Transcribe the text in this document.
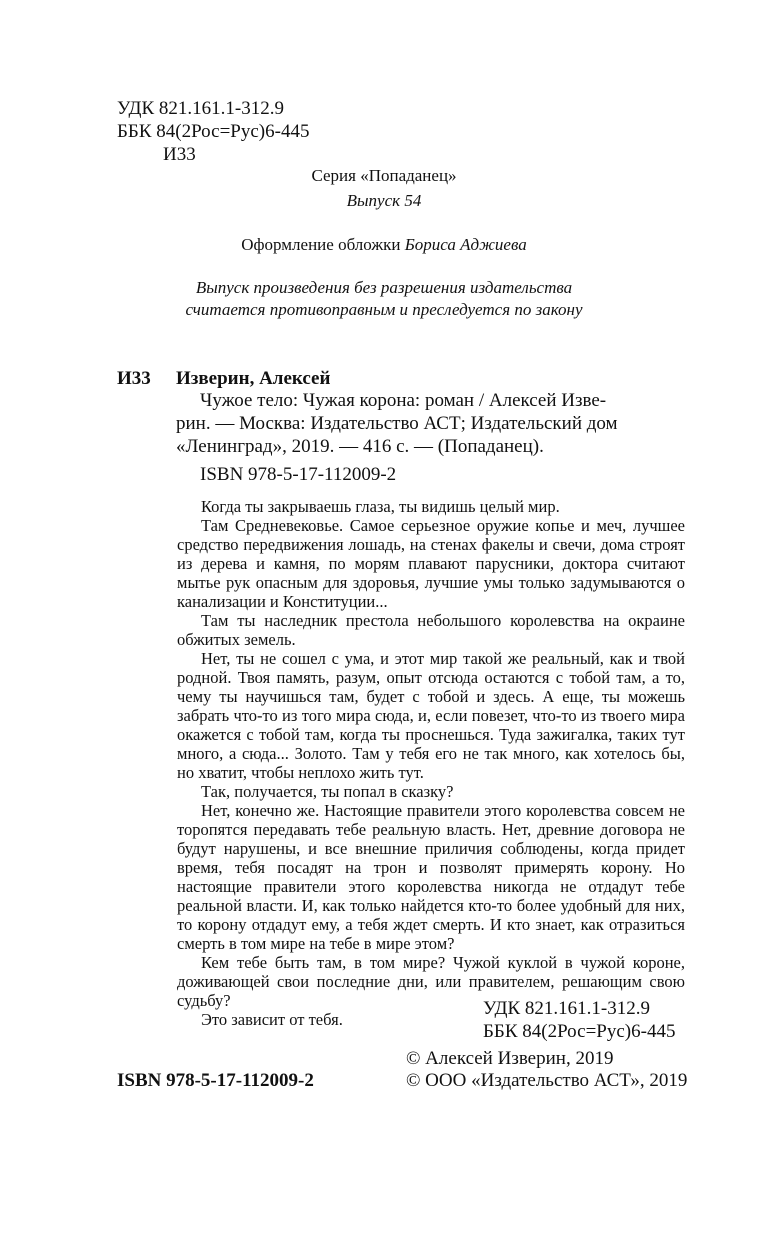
УДК 821.161.1-312.9
ББК 84(2Рос=Рус)6-445
И33
Серия «Попаданец»
Выпуск 54
Оформление обложки Бориса Аджиева
Выпуск произведения без разрешения издательства
считается противоправным и преследуется по закону
И33 Изверин, Алексей
Чужое тело: Чужая корона: роман / Алексей Изве-
рин. — Москва: Издательство АСТ; Издательский дом
«Ленинград», 2019. — 416 с. — (Попаданец).
ISBN 978-5-17-112009-2

Когда ты закрываешь глаза, ты видишь целый мир.

Там Средневековье. Самое серьезное оружие копье и меч, лучшее средство передвижения лошадь, на стенах факелы и свечи, дома строят из дерева и камня, по морям плавают парусники, доктора считают мытье рук опасным для здоровья, лучшие умы только задумываются о канализации и Конституции...

Там ты наследник престола небольшого королевства на окраине обжитых земель.

Нет, ты не сошел с ума, и этот мир такой же реальный, как и твой родной. Твоя память, разум, опыт отсюда остаются с тобой там, а то, чему ты научишься там, будет с тобой и здесь. А еще, ты можешь забрать что-то из того мира сюда, и, если повезет, что-то из твоего мира окажется с тобой там, когда ты проснешься. Туда зажигалка, таких тут много, а сюда... Золото. Там у тебя его не так много, как хотелось бы, но хватит, чтобы неплохо жить тут.

Так, получается, ты попал в сказку?

Нет, конечно же. Настоящие правители этого королевства совсем не торопятся передавать тебе реальную власть. Нет, древние договора не будут нарушены, и все внешние приличия соблюдены, когда придет время, тебя посадят на трон и позволят примерять корону. Но настоящие правители этого королевства никогда не отдадут тебе реальной власти. И, как только найдется кто-то более удобный для них, то корону отдадут ему, а тебя ждет смерть. И кто знает, как отразиться смерть в том мире на тебе в мире этом?

Кем тебе быть там, в том мире? Чужой куклой в чужой короне, доживающей свои последние дни, или правителем, решающим свою судьбу?

Это зависит от тебя.

УДК 821.161.1-312.9
ББК 84(2Рос=Рус)6-445
© Алексей Изверин, 2019
ISBN 978-5-17-112009-2	© ООО «Издательство АСТ», 2019
